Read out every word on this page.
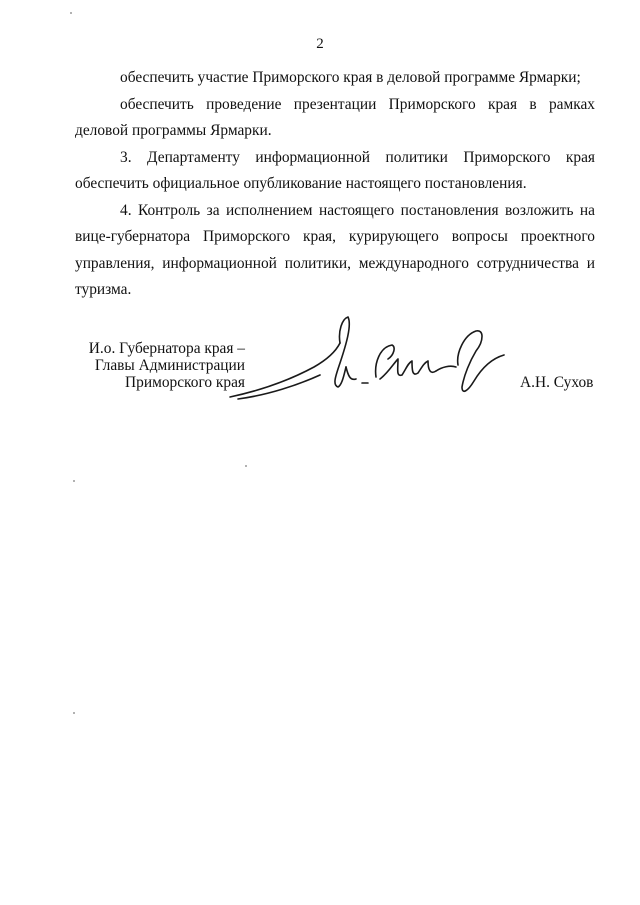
2

обеспечить участие Приморского края в деловой программе Ярмарки;

обеспечить проведение презентации Приморского края в рамках деловой программы Ярмарки.

3. Департаменту информационной политики Приморского края обеспечить официальное опубликование настоящего постановления.

4. Контроль за исполнением настоящего постановления возложить на вице-губернатора Приморского края, курирующего вопросы проектного управления, информационной политики, международного сотрудничества и туризма.

И.о. Губернатора края –
Главы Администрации
Приморского края	А.Н. Сухов
